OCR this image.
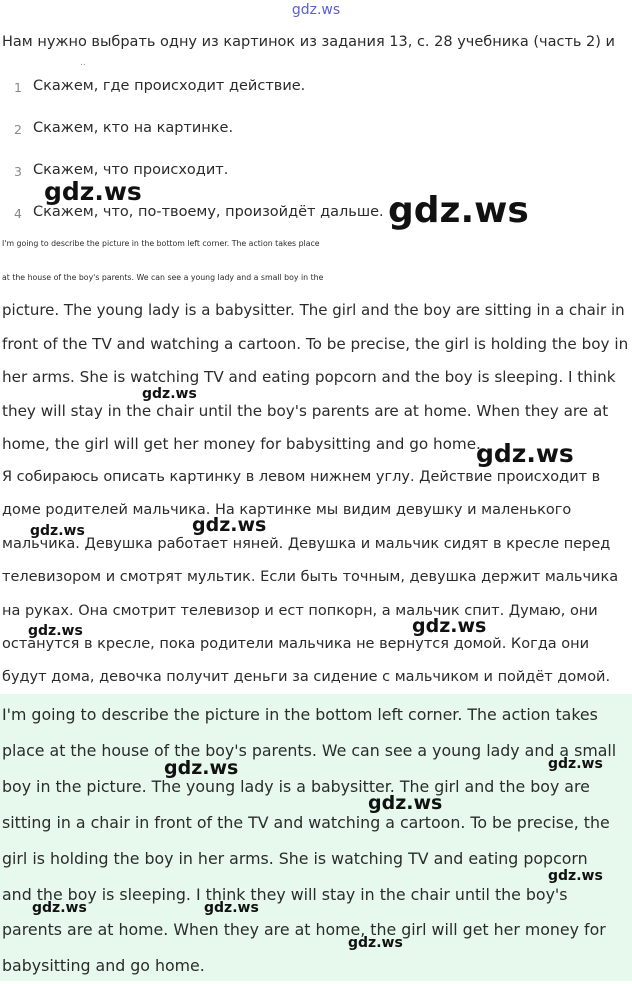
gdz.ws
Нам нужно выбрать одну из картинок из задания 13, с. 28 учебника (часть 2) и
..
1 Скажем, где происходит действие.
2 Скажем, кто на картинке.
3 Скажем, что происходит.
4 Скажем, что, по-твоему, произойдёт дальше.
I'm going to describe the picture in the bottom left corner. The action takes place
at the house of the boy's parents. We can see a young lady and a small boy in the
picture. The young lady is a babysitter. The girl and the boy are sitting in a chair in
front of the TV and watching a cartoon. To be precise, the girl is holding the boy in
her arms. She is watching TV and eating popcorn and the boy is sleeping. I think
they will stay in the chair until the boy's parents are at home. When they are at
home, the girl will get her money for babysitting and go home.
Я собираюсь описать картинку в левом нижнем углу. Действие происходит в
доме родителей мальчика. На картинке мы видим девушку и маленького
мальчика. Девушка работает няней. Девушка и мальчик сидят в кресле перед
телевизором и смотрят мультик. Если быть точным, девушка держит мальчика
на руках. Она смотрит телевизор и ест попкорн, а мальчик спит. Думаю, они
останутся в кресле, пока родители мальчика не вернутся домой. Когда они
будут дома, девочка получит деньги за сидение с мальчиком и пойдёт домой.
I'm going to describe the picture in the bottom left corner. The action takes
place at the house of the boy's parents. We can see a young lady and a small
boy in the picture. The young lady is a babysitter. The girl and the boy are
sitting in a chair in front of the TV and watching a cartoon. To be precise, the
girl is holding the boy in her arms. She is watching TV and eating popcorn
and the boy is sleeping. I think they will stay in the chair until the boy's
parents are at home. When they are at home, the girl will get her money for
babysitting and go home.
gdz.ws	gdz.ws
gdz.ws
gdz.ws
gdz.ws
gdz.ws
gdz.ws	gdz.ws
gdz.ws	gdz.ws
gdz.ws
gdz.ws
gdz.ws	gdz.ws
gdz.ws
